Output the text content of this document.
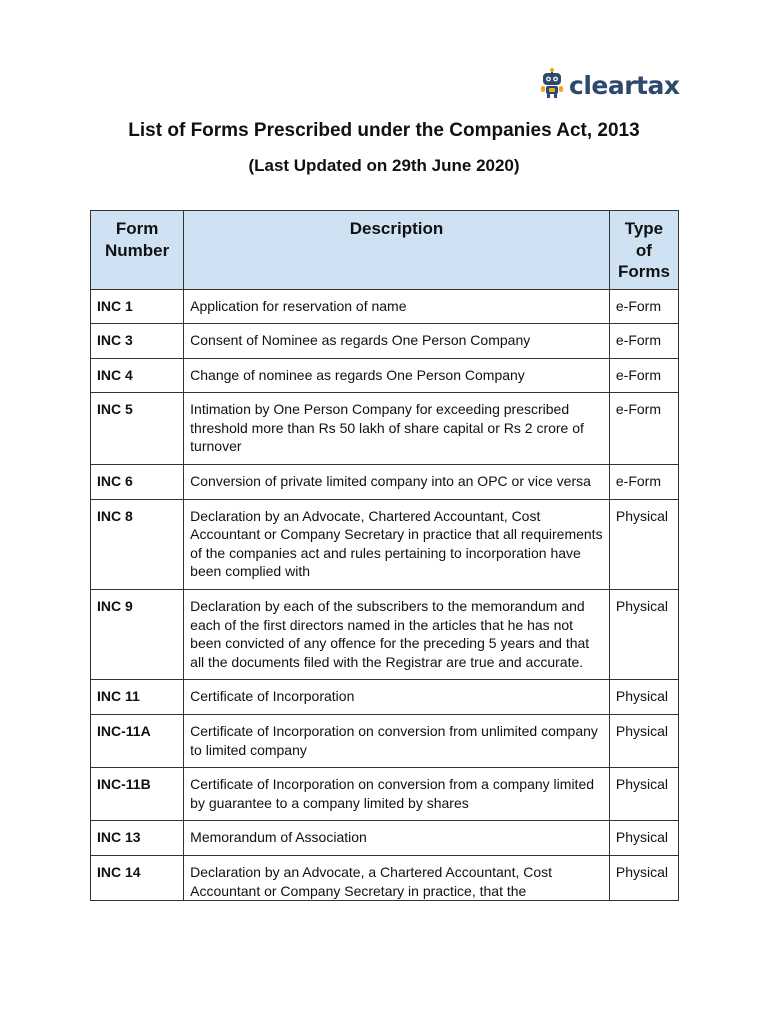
cleartax
List of Forms Prescribed under the Companies Act, 2013
(Last Updated on 29th June 2020)
Form Number	Description	Type of Forms
INC 1	Application for reservation of name	e-Form
INC 3	Consent of Nominee as regards One Person Company	e-Form
INC 4	Change of nominee as regards One Person Company	e-Form
INC 5	Intimation by One Person Company for exceeding prescribed threshold more than Rs 50 lakh of share capital or Rs 2 crore of turnover	e-Form
INC 6	Conversion of private limited company into an OPC or vice versa	e-Form
INC 8	Declaration by an Advocate, Chartered Accountant, Cost Accountant or Company Secretary in practice that all requirements of the companies act and rules pertaining to incorporation have been complied with	Physical
INC 9	Declaration by each of the subscribers to the memorandum and each of the first directors named in the articles that he has not been convicted of any offence for the preceding 5 years and that all the documents filed with the Registrar are true and accurate.	Physical
INC 11	Certificate of Incorporation	Physical
INC-11A	Certificate of Incorporation on conversion from unlimited company to limited company	Physical
INC-11B	Certificate of Incorporation on conversion from a company limited by guarantee to a company limited by shares	Physical
INC 13	Memorandum of Association	Physical
INC 14	Declaration by an Advocate, a Chartered Accountant, Cost Accountant or Company Secretary in practice, that the	Physical
